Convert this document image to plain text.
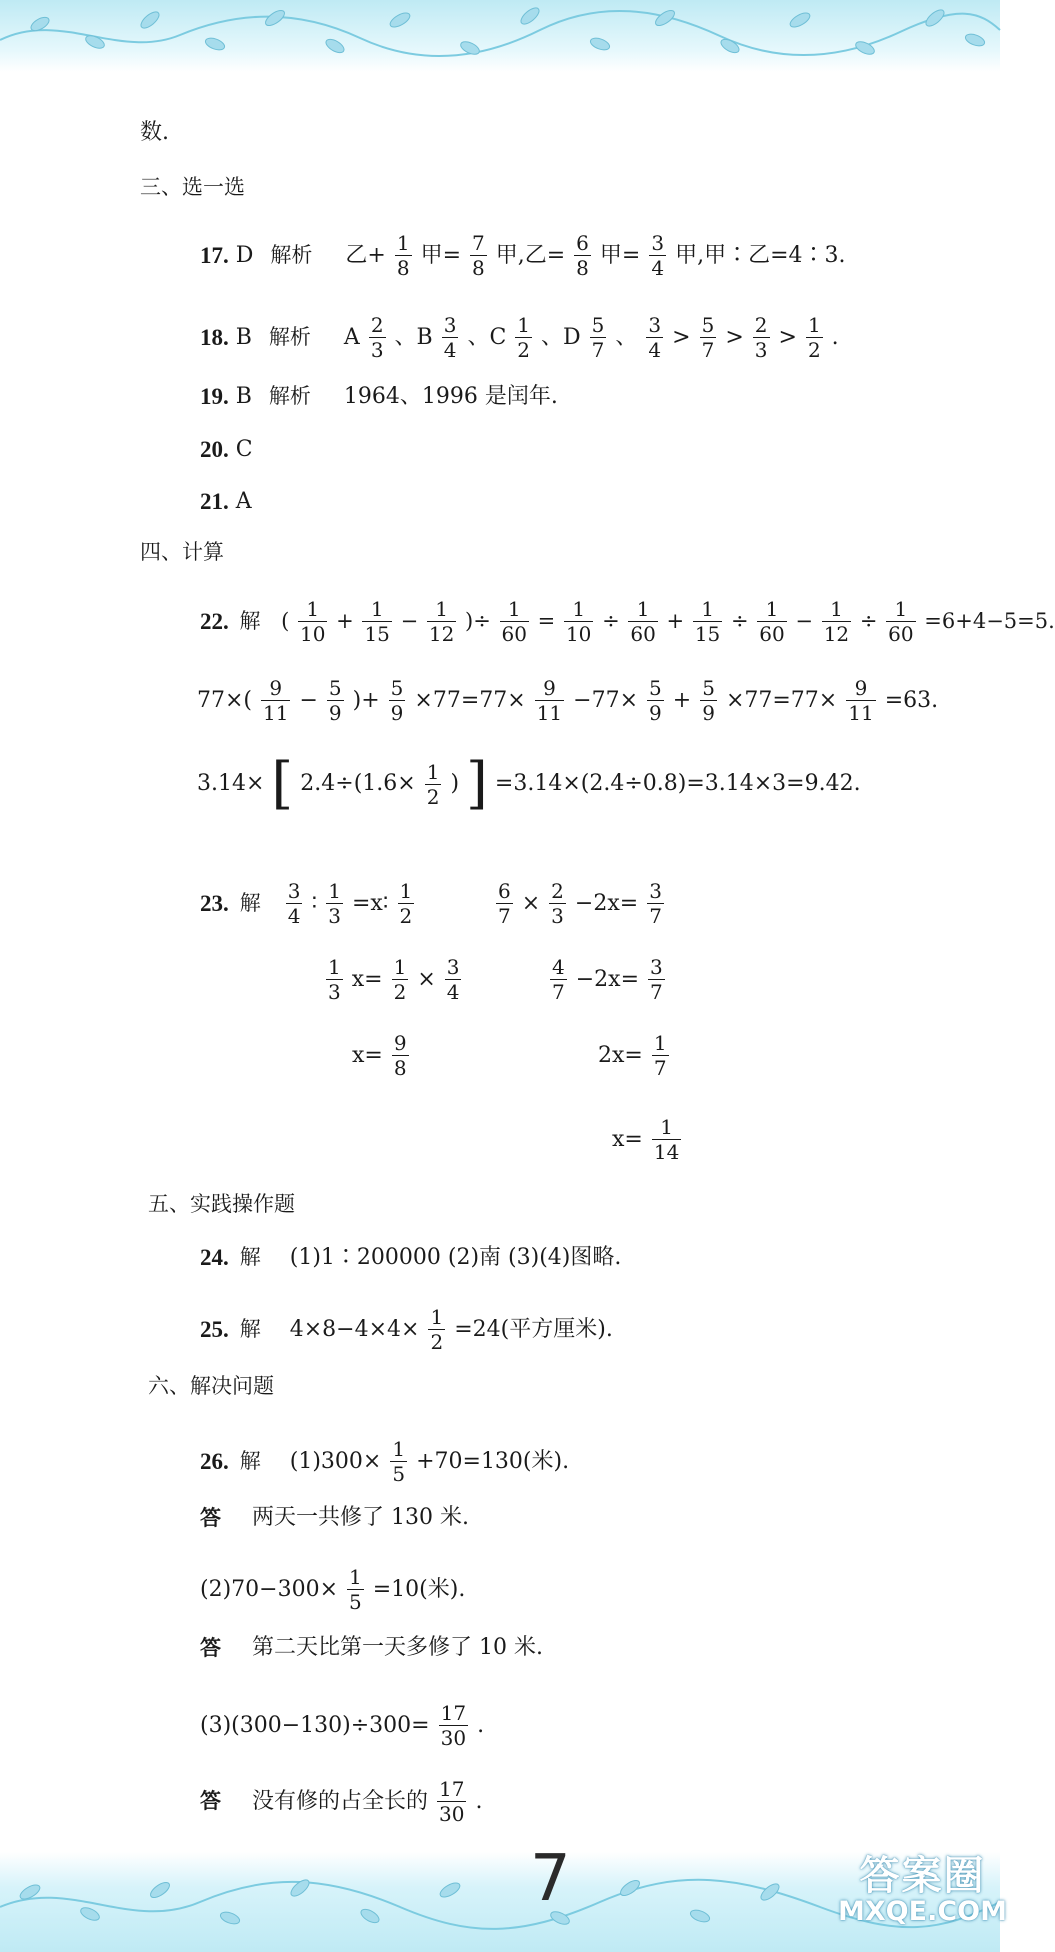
7	答案圈
MXQE.COM
数.
三、选一选
17. D 解析 乙+ $\frac{1}{8}$ 甲= $\frac{7}{8}$ 甲,乙= $\frac{6}{8}$ 甲= $\frac{3}{4}$ 甲,甲∶乙=4∶3.
18. B 解析 A $\frac{2}{3}$ 、B $\frac{3}{4}$ 、C $\frac{1}{2}$ 、D $\frac{5}{7}$ 、 $\frac{3}{4} > \frac{5}{7} > \frac{2}{3} > \frac{1}{2}$ .
19. B 解析 1964、1996 是闰年.
20. C
21. A
四、计算
22. 解 ( $\frac{1}{10} + \frac{1}{15} - \frac{1}{12}$ )÷ $\frac{1}{60} = \frac{1}{10} \div \frac{1}{60} + \frac{1}{15} \div \frac{1}{60} - \frac{1}{12} \div \frac{1}{60} =6+4-5=5$.
$77\times( \frac{9}{11} - \frac{5}{9}$ )+ $\frac{5}{9} \times 77=77\times \frac{9}{11} -77\times \frac{5}{9} + \frac{5}{9} \times 77=77\times \frac{9}{11} =63$.
3.14× [ $2.4\div(1.6\times \frac{1}{2}$ ) ] =3.14×(2.4÷0.8)=3.14×3=9.42.
23. 解 $\frac{3}{4}$ ∶ $\frac{1}{3}$ =x∶ $\frac{1}{2}$	$\frac{6}{7} \times \frac{2}{3} -2x= \frac{3}{7}$
$\frac{1}{3} x= \frac{1}{2} \times \frac{3}{4}$	$\frac{4}{7} -2x= \frac{3}{7}$
$x= \frac{9}{8}$	$2x= \frac{1}{7}$
$x= \frac{1}{14}$
五、实践操作题
24. 解 (1)1∶200000 (2)南 (3)(4)图略.
25. 解 $4\times 8-4\times 4\times \frac{1}{2} =24$(平方厘米).
六、解决问题
26. 解 $(1)300\times \frac{1}{5} +70=130$(米).
答 两天一共修了 130 米.
$(2)70-300\times \frac{1}{5} =10$(米).
答 第二天比第一天多修了 10 米.
$(3)(300-130)\div 300= \frac{17}{30}$ .
答 没有修的占全长的 $\frac{17}{30}$ .
